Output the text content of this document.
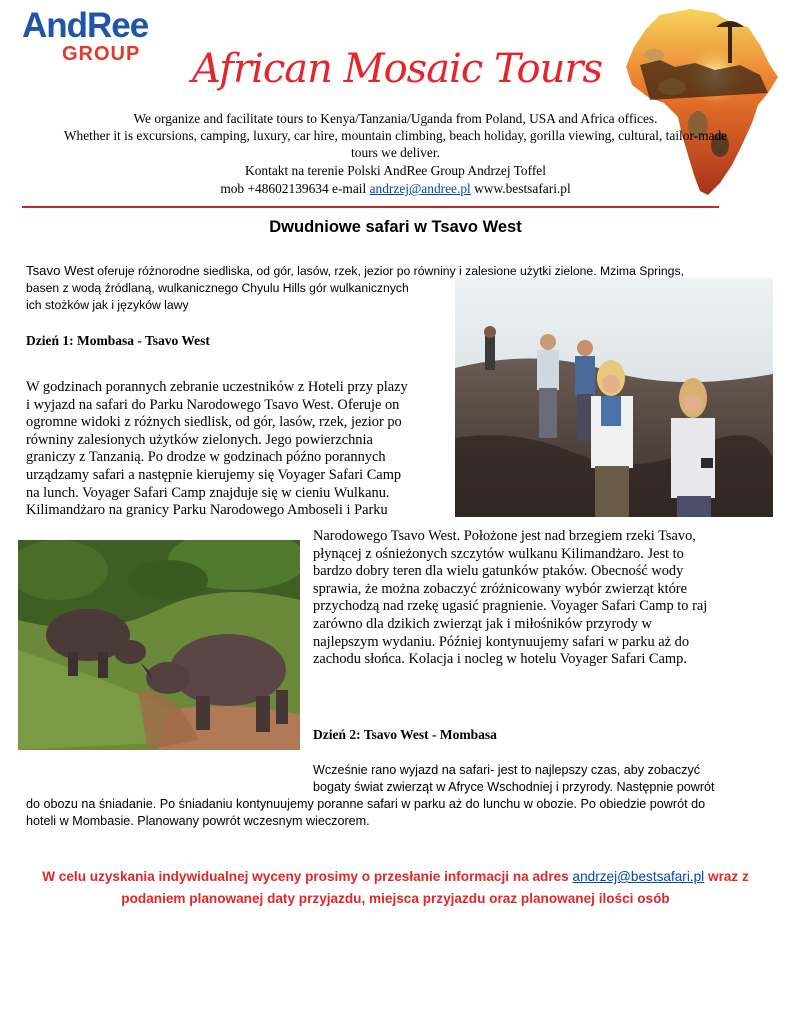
AndRee
GROUP African Mosaic Tours
We organize and facilitate tours to Kenya/Tanzania/Uganda from Poland, USA and Africa offices.
Whether it is excursions, camping, luxury, car hire, mountain climbing, beach holiday, gorilla viewing, cultural, tailor-made
tours we deliver.
Kontakt na terenie Polski AndRee Group Andrzej Toffel
mob +48602139634 e-mail andrzej@andree.pl www.bestsafari.pl
Dwudniowe safari w Tsavo West
Tsavo West oferuje różnorodne siedliska, od gór, lasów, rzek, jezior po równiny i zalesione użytki zielone. Mzima Springs,
basen z wodą źródlaną, wulkanicznego Chyulu Hills gór wulkanicznych
ich stożków jak i języków lawy
Dzień 1: Mombasa - Tsavo West
W godzinach porannych zebranie uczestników z Hoteli przy plazy
i wyjazd na safari do Parku Narodowego Tsavo West. Oferuje on
ogromne widoki z różnych siedlisk, od gór, lasów, rzek, jezior po
równiny zalesionych użytków zielonych. Jego powierzchnia
graniczy z Tanzanią. Po drodze w godzinach późno porannych
urządzamy safari a następnie kierujemy się Voyager Safari Camp
na lunch. Voyager Safari Camp znajduje się w cieniu Wulkanu.
Kilimandżaro na granicy Parku Narodowego Amboseli i Parku
Narodowego Tsavo West. Położone jest nad brzegiem rzeki Tsavo,
płynącej z ośnieżonych szczytów wulkanu Kilimandżaro. Jest to
bardzo dobry teren dla wielu gatunków ptaków. Obecność wody
sprawia, że można zobaczyć zróżnicowany wybór zwierząt które
przychodzą nad rzekę ugasić pragnienie. Voyager Safari Camp to raj
zarówno dla dzikich zwierząt jak i miłośników przyrody w
najlepszym wydaniu. Później kontynuujemy safari w parku aż do
zachodu słońca. Kolacja i nocleg w hotelu Voyager Safari Camp.
Dzień 2: Tsavo West - Mombasa
Wcześnie rano wyjazd na safari- jest to najlepszy czas, aby zobaczyć
bogaty świat zwierząt w Afryce Wschodniej i przyrody. Następnie powrót
do obozu na śniadanie. Po śniadaniu kontynuujemy poranne safari w parku aż do lunchu w obozie. Po obiedzie powrót do
hoteli w Mombasie. Planowany powrót wczesnym wieczorem.
W celu uzyskania indywidualnej wyceny prosimy o przesłanie informacji na adres andrzej@bestsafari.pl wraz z
podaniem planowanej daty przyjazdu, miejsca przyjazdu oraz planowanej ilości osób
